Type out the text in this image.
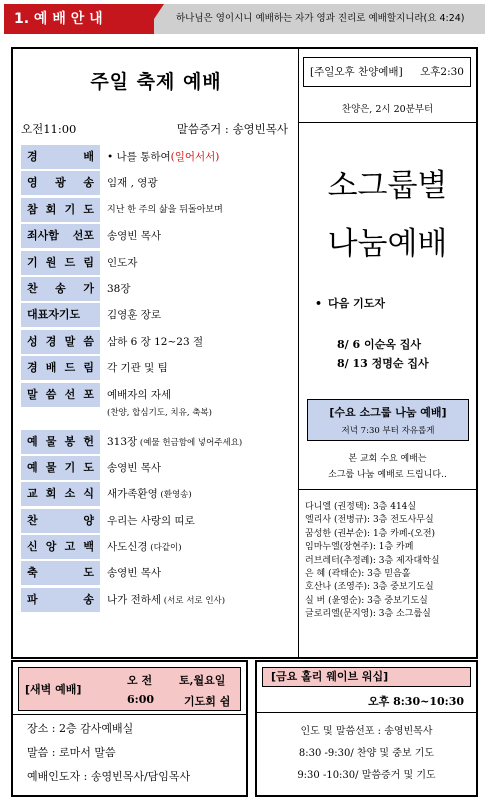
하나님은 영이시니 예배하는 자가 영과 진리로 예배할지니라(요 4:24)
1. 예 배 안 내
주일 축제 예배
오전11:00	말씀증거 : 송영빈목사
경 배	• 나를 통하여(일어서서)
영 광 송	임재 , 영광
참 회 기 도	지난 한 주의 삶을 뒤돌아보며
죄사함 선포	송영빈 목사
기 원 드 림	인도자
찬 송 가	38장
대표자기도	김영훈 장로
성 경 말 씀	삼하 6 장 12~23 절
경 배 드 림	각 기관 및 팀
말 씀 선 포	예배자의 자세
(찬양, 합심기도, 치유, 축복)
예 물 봉 헌	313장 (예물 헌금함에 넣어주세요)
예 물 기 도	송영빈 목사
교 회 소 식	새가족환영 (환영송)
찬 양	우리는 사랑의 띠로
신 앙 고 백	사도신경 (다같이)
축 도	송영빈 목사
파 송	나가 전하세 (서로 서로 인사)
[주일오후 찬양예배] 오후2:30
찬양은, 2시 20분부터
소그룹별
나눔예배
• 다음 기도자
8/ 6 이순옥 집사
8/ 13 정명순 집사
[수요 소그룹 나눔 예배]
저녁 7:30 부터 자유롭게
본 교회 수요 예배는
소그룹 나눔 예배로 드립니다..
다니엘 (권정택): 3층 414실
엘리사 (전병규): 3층 전도사무실
꿈성한 (권부순): 1층 카페-(오전)
임마누엘(장현주): 1층 카페
러브레터(추정례): 3층 제자대학실
은 혜 (곽태순): 3층 믿음홀
호산나 (조영주): 3층 중보기도실
실 버 (윤영순): 3층 중보기도실
글로리엘(문지영): 3층 소그룹실
[새벽 예배]
오 전 토,월요일
6:00	기도회 쉼
장소 : 2층 감사예배실
말씀 : 로마서 말씀
예배인도자 : 송영빈목사/담임목사
[금요 홀리 웨이브 워십]
오후 8:30~10:30
인도 및 말씀선포 : 송영빈목사
8:30 -9:30/ 찬양 및 중보 기도
9:30 -10:30/ 말씀증거 및 기도
